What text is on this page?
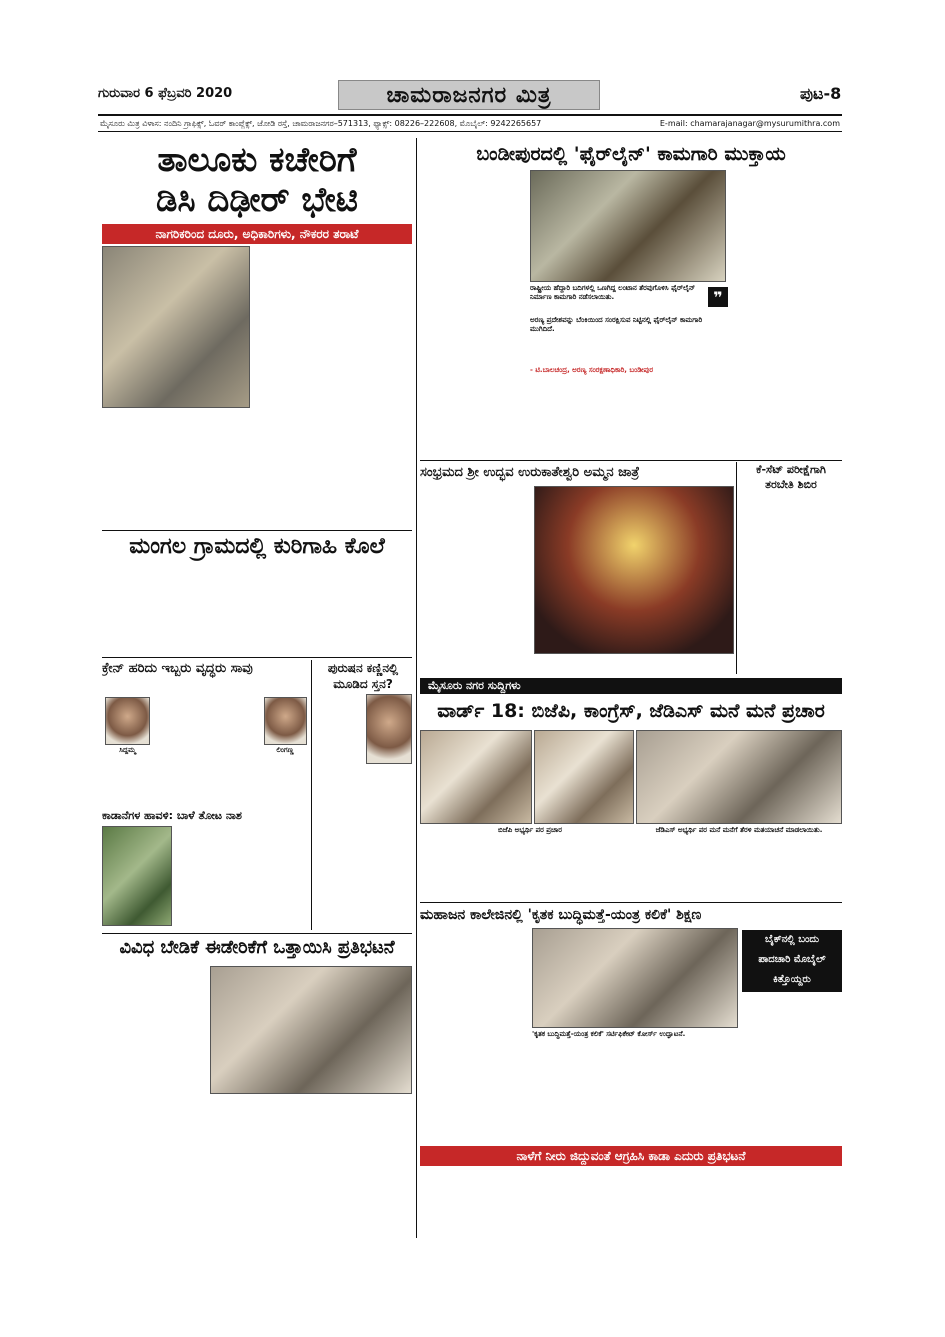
ಗುರುವಾರ 6 ಫೆಬ್ರವರಿ 2020	ಚಾಮರಾಜನಗರ ಮಿತ್ರ	ಪುಟ-8
ಮೈಸೂರು ಮಿತ್ರ ವಿಳಾಸ: ನಂದಿನಿ ಗ್ರಾಫಿಕ್ಸ್, ಓವರ್ ಕಾಂಪ್ಲೆಕ್ಸ್, ಜೋಡಿ ರಸ್ತೆ, ಚಾಮರಾಜನಗರ–571313, ಫ್ಯಾಕ್ಸ್: 08226–222608, ಮೊಬೈಲ್: 9242265657	E-mail: chamarajanagar@mysurumithra.com
ತಾಲೂಕು ಕಚೇರಿಗೆ
ಡಿಸಿ ದಿಢೀರ್ ಭೇಟಿ
ನಾಗರಿಕರಿಂದ ದೂರು, ಅಧಿಕಾರಿಗಳು, ನೌಕರರ ತರಾಟೆ
ಮಂಗಲ ಗ್ರಾಮದಲ್ಲಿ ಕುರಿಗಾಹಿ ಕೊಲೆ
ಕ್ರೇನ್ ಹರಿದು ಇಬ್ಬರು ವೃದ್ಧರು ಸಾವು
ಸಿದ್ದಮ್ಮ	ಲಿಂಗಣ್ಣ
ಪುರುಷನ ಕಣ್ಣಿನಲ್ಲಿ
ಮೂಡಿದ ಸ್ತನ?
ಕಾಡಾನೆಗಳ ಹಾವಳಿ: ಬಾಳೆ ತೋಟ ನಾಶ
ವಿವಿಧ ಬೇಡಿಕೆ ಈಡೇರಿಕೆಗೆ ಒತ್ತಾಯಿಸಿ ಪ್ರತಿಭಟನೆ
ಬಂಡೀಪುರದಲ್ಲಿ 'ಫೈರ್‌ಲೈನ್' ಕಾಮಗಾರಿ ಮುಕ್ತಾಯ
ರಾಷ್ಟ್ರೀಯ ಹೆದ್ದಾರಿ ಬದಿಗಳಲ್ಲಿ ಒಣಗಿದ್ದ ಲಂಟಾನ ತೆರವುಗೊಳಿಸಿ ಫೈರ್‌ಲೈನ್ ನಿರ್ಮಾಣ ಕಾಮಗಾರಿ ನಡೆಸಲಾಯಿತು.	❞
ಅರಣ್ಯ ಪ್ರದೇಶವನ್ನು ಬೆಂಕಿಯಿಂದ ಸಂರಕ್ಷಿಸುವ ನಿಟ್ಟಿನಲ್ಲಿ ಫೈರ್‌ಲೈನ್ ಕಾಮಗಾರಿ ಮುಗಿದಿದೆ.
- ಟಿ.ಬಾಲಚಂದ್ರ, ಅರಣ್ಯ ಸಂರಕ್ಷಣಾಧಿಕಾರಿ, ಬಂಡೀಪುರ
ಸಂಭ್ರಮದ ಶ್ರೀ ಉದ್ಭವ ಉರುಕಾತೇಶ್ವರಿ ಅಮ್ಮನ ಜಾತ್ರೆ	ಕೆ-ಸೆಟ್ ಪರೀಕ್ಷೆಗಾಗಿ
ತರಬೇತಿ ಶಿಬಿರ
ಮೈಸೂರು ನಗರ ಸುದ್ದಿಗಳು
ವಾರ್ಡ್ 18: ಬಿಜೆಪಿ, ಕಾಂಗ್ರೆಸ್, ಜೆಡಿಎಸ್ ಮನೆ ಮನೆ ಪ್ರಚಾರ
ಬಿಜೆಪಿ ಅಭ್ಯರ್ಥಿ ಪರ ಪ್ರಚಾರ	ಜೆಡಿಎಸ್ ಅಭ್ಯರ್ಥಿ ಪರ ಮನೆ ಮನೆಗೆ ತೆರಳಿ ಮತಯಾಚನೆ ಮಾಡಲಾಯಿತು.
ಮಹಾಜನ ಕಾಲೇಜಿನಲ್ಲಿ 'ಕೃತಕ ಬುದ್ಧಿಮತ್ತೆ-ಯಂತ್ರ ಕಲಿಕೆ' ಶಿಕ್ಷಣ
'ಕೃತಕ ಬುದ್ಧಿಮತ್ತೆ-ಯಂತ್ರ ಕಲಿಕೆ' ಸರ್ಟಿಫಿಕೇಟ್ ಕೋರ್ಸ್ ಉದ್ಘಾಟನೆ.
ಬೈಕ್‌ನಲ್ಲಿ ಬಂದು
ಪಾದಚಾರಿ ಮೊಬೈಲ್
ಕಿತ್ತೊಯ್ದರು
ನಾಳೆಗೆ ನೀರು ಜಿದ್ದುವಂತೆ ಆಗ್ರಹಿಸಿ ಕಾಡಾ ಎದುರು ಪ್ರತಿಭಟನೆ
